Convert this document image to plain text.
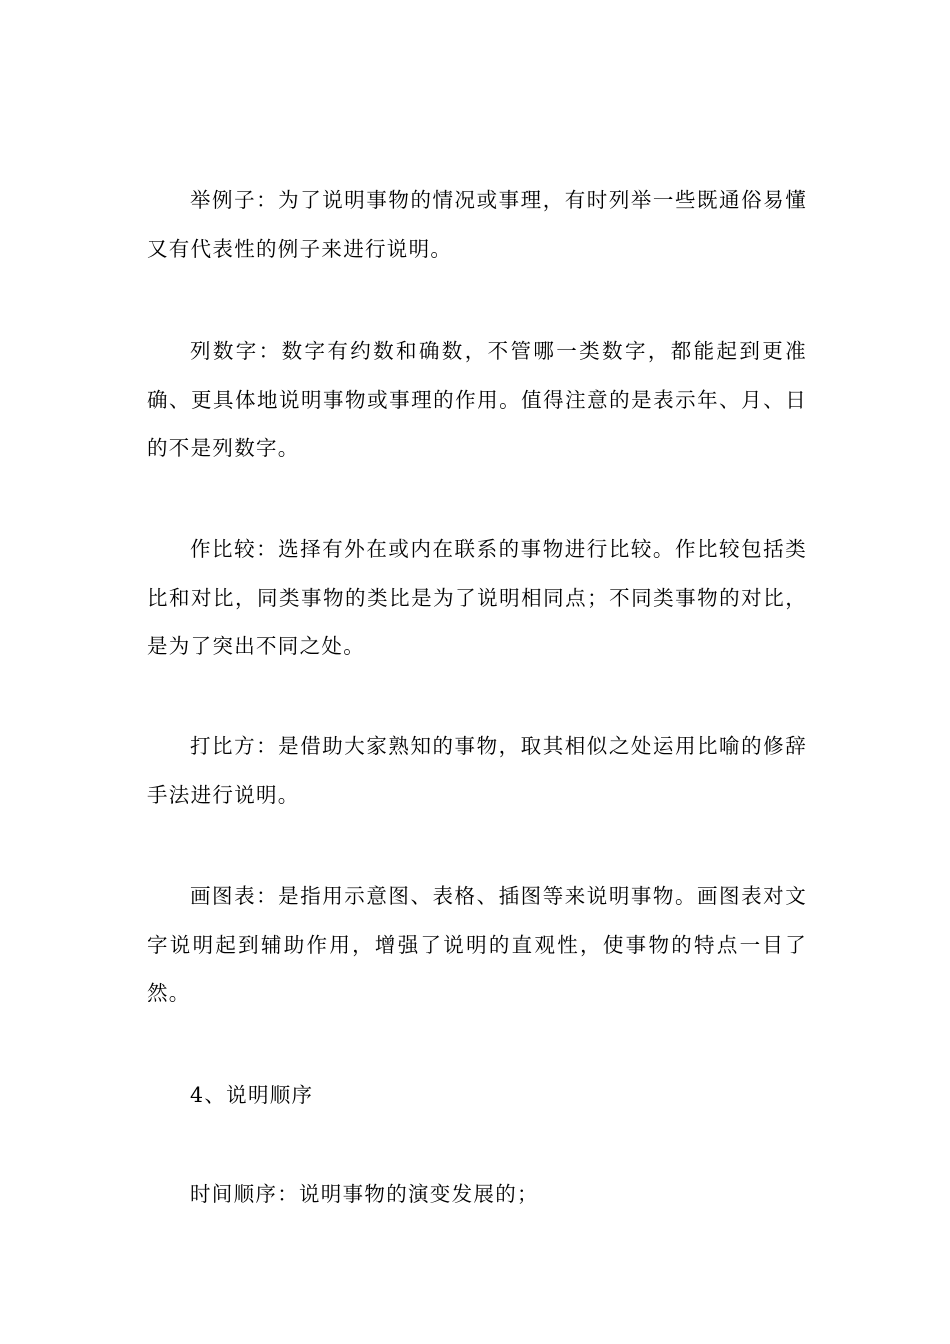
举例子：为了说明事物的情况或事理，有时列举一些既通俗易懂又有代表性的例子来进行说明。

列数字：数字有约数和确数，不管哪一类数字，都能起到更准确、更具体地说明事物或事理的作用。值得注意的是表示年、月、日的不是列数字。

作比较：选择有外在或内在联系的事物进行比较。作比较包括类比和对比，同类事物的类比是为了说明相同点；不同类事物的对比，是为了突出不同之处。

打比方：是借助大家熟知的事物，取其相似之处运用比喻的修辞手法进行说明。

画图表：是指用示意图、表格、插图等来说明事物。画图表对文字说明起到辅助作用，增强了说明的直观性，使事物的特点一目了然。

4、说明顺序

时间顺序：说明事物的演变发展的；
